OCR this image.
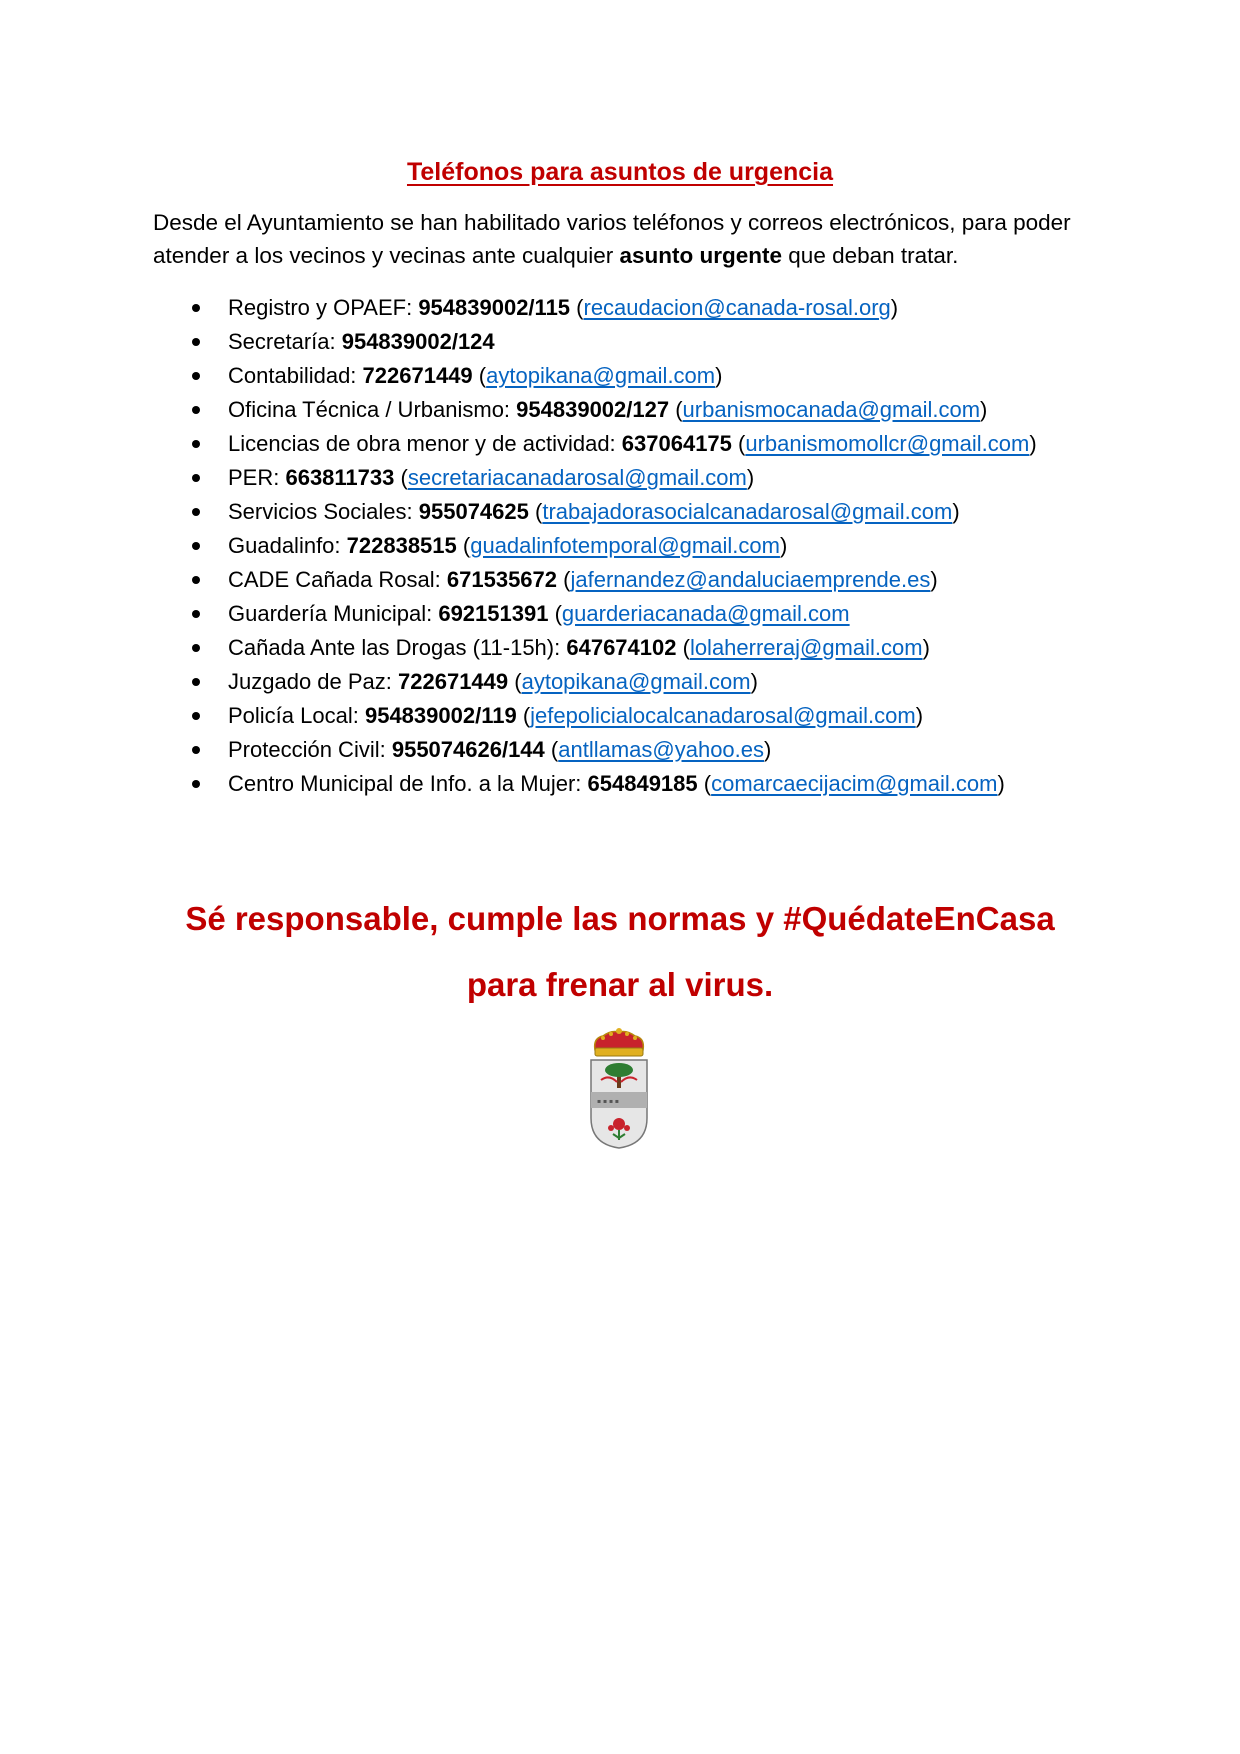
Teléfonos para asuntos de urgencia

Desde el Ayuntamiento se han habilitado varios teléfonos y correos electrónicos, para poder atender a los vecinos y vecinas ante cualquier asunto urgente que deban tratar.

Registro y OPAEF: 954839002/115 (recaudacion@canada-rosal.org)
Secretaría: 954839002/124
Contabilidad: 722671449 (aytopikana@gmail.com)
Oficina Técnica / Urbanismo: 954839002/127 (urbanismocanada@gmail.com)
Licencias de obra menor y de actividad: 637064175 (urbanismomollcr@gmail.com)
PER: 663811733 (secretariacanadarosal@gmail.com)
Servicios Sociales: 955074625 (trabajadorasocialcanadarosal@gmail.com)
Guadalinfo: 722838515 (guadalinfotemporal@gmail.com)
CADE Cañada Rosal: 671535672 (jafernandez@andaluciaemprende.es)
Guardería Municipal: 692151391 (guarderiacanada@gmail.com
Cañada Ante las Drogas (11-15h): 647674102 (lolaherreraj@gmail.com)
Juzgado de Paz: 722671449 (aytopikana@gmail.com)
Policía Local: 954839002/119 (jefepolicialocalcanadarosal@gmail.com)
Protección Civil: 955074626/144 (antllamas@yahoo.es)
Centro Municipal de Info. a la Mujer: 654849185 (comarcaecijacim@gmail.com)
Sé responsable, cumple las normas y #QuédateEnCasa
para frenar al virus.
▪ ▪ ▪ ▪
